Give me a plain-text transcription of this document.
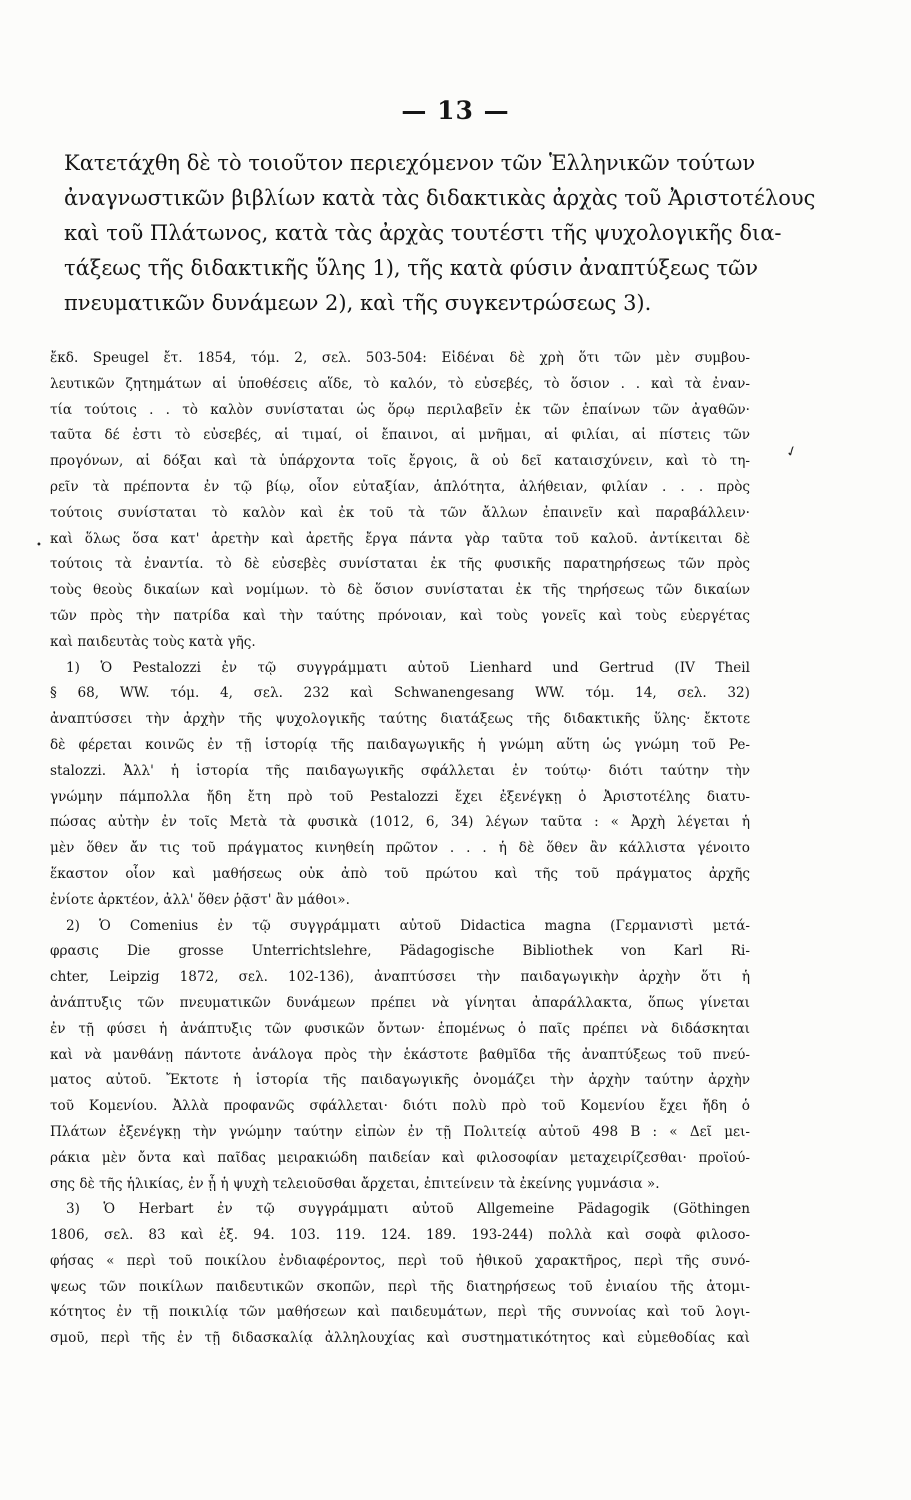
— 13 —
Κατετάχθη δὲ τὸ τοιοῦτον περιεχόμενον τῶν Ἑλληνικῶν τούτων
ἀναγνωστικῶν βιβλίων κατὰ τὰς διδακτικὰς ἀρχὰς τοῦ Ἀριστοτέλους
καὶ τοῦ Πλάτωνος, κατὰ τὰς ἀρχὰς τουτέστι τῆς ψυχολογικῆς δια-
τάξεως τῆς διδακτικῆς ὕλης 1), τῆς κατὰ φύσιν ἀναπτύξεως τῶν
πνευματικῶν δυνάμεων 2), καὶ τῆς συγκεντρώσεως 3).
ἔκδ. Speugel ἔτ. 1854, τόμ. 2, σελ. 503-504: Εἰδέναι δὲ χρὴ ὅτι τῶν μὲν συμβου-
λευτικῶν ζητημάτων αἱ ὑποθέσεις αἵδε, τὸ καλόν, τὸ εὐσεβές, τὸ ὅσιον . . καὶ τὰ ἐναν-
τία τούτοις . . τὸ καλὸν συνίσταται ὡς ὅρῳ περιλαβεῖν ἐκ τῶν ἐπαίνων τῶν ἀγαθῶν·
ταῦτα δέ ἐστι τὸ εὐσεβές, αἱ τιμαί, οἱ ἔπαινοι, αἱ μνῆμαι, αἱ φιλίαι, αἱ πίστεις τῶν
προγόνων, αἱ δόξαι καὶ τὰ ὑπάρχοντα τοῖς ἔργοις, ἃ οὐ δεῖ καταισχύνειν, καὶ τὸ τη-
ρεῖν τὰ πρέποντα ἐν τῷ βίῳ, οἷον εὐταξίαν, ἁπλότητα, ἀλήθειαν, φιλίαν . . . πρὸς
τούτοις συνίσταται τὸ καλὸν καὶ ἐκ τοῦ τὰ τῶν ἄλλων ἐπαινεῖν καὶ παραβάλλειν·
καὶ ὅλως ὅσα κατ' ἀρετὴν καὶ ἀρετῆς ἔργα πάντα γὰρ ταῦτα τοῦ καλοῦ. ἀντίκειται δὲ
τούτοις τὰ ἐναντία. τὸ δὲ εὐσεβὲς συνίσταται ἐκ τῆς φυσικῆς παρατηρήσεως τῶν πρὸς
τοὺς θεοὺς δικαίων καὶ νομίμων. τὸ δὲ ὅσιον συνίσταται ἐκ τῆς τηρήσεως τῶν δικαίων
τῶν πρὸς τὴν πατρίδα καὶ τὴν ταύτης πρόνοιαν, καὶ τοὺς γονεῖς καὶ τοὺς εὐεργέτας
καὶ παιδευτὰς τοὺς κατὰ γῆς.
1) Ὁ Pestalozzi ἐν τῷ συγγράμματι αὐτοῦ Lienhard und Gertrud (IV Theil
§ 68, WW. τόμ. 4, σελ. 232 καὶ Schwanengesang WW. τόμ. 14, σελ. 32)
ἀναπτύσσει τὴν ἀρχὴν τῆς ψυχολογικῆς ταύτης διατάξεως τῆς διδακτικῆς ὕλης· ἔκτοτε
δὲ φέρεται κοινῶς ἐν τῇ ἱστορίᾳ τῆς παιδαγωγικῆς ἡ γνώμη αὕτη ὡς γνώμη τοῦ Pe-
stalozzi. Ἀλλ' ἡ ἱστορία τῆς παιδαγωγικῆς σφάλλεται ἐν τούτῳ· διότι ταύτην τὴν
γνώμην πάμπολλα ἤδη ἔτη πρὸ τοῦ Pestalozzi ἔχει ἐξενέγκῃ ὁ Ἀριστοτέλης διατυ-
πώσας αὐτὴν ἐν τοῖς Μετὰ τὰ φυσικὰ (1012, 6, 34) λέγων ταῦτα : « Ἀρχὴ λέγεται ἡ
μὲν ὅθεν ἄν τις τοῦ πράγματος κινηθείη πρῶτον . . . ἡ δὲ ὅθεν ἂν κάλλιστα γένοιτο
ἕκαστον οἷον καὶ μαθήσεως οὐκ ἀπὸ τοῦ πρώτου καὶ τῆς τοῦ πράγματος ἀρχῆς
ἐνίοτε ἀρκτέον, ἀλλ' ὅθεν ῥᾷστ' ἂν μάθοι».
2) Ὁ Comenius ἐν τῷ συγγράμματι αὐτοῦ Didactica magna (Γερμανιστὶ μετά-
φρασις Die grosse Unterrichtslehre, Pädagogische Bibliothek von Karl Ri-
chter, Leipzig 1872, σελ. 102-136), ἀναπτύσσει τὴν παιδαγωγικὴν ἀρχὴν ὅτι ἡ
ἀνάπτυξις τῶν πνευματικῶν δυνάμεων πρέπει νὰ γίνηται ἀπαράλλακτα, ὅπως γίνεται
ἐν τῇ φύσει ἡ ἀνάπτυξις τῶν φυσικῶν ὄντων· ἑπομένως ὁ παῖς πρέπει νὰ διδάσκηται
καὶ νὰ μανθάνῃ πάντοτε ἀνάλογα πρὸς τὴν ἑκάστοτε βαθμῖδα τῆς ἀναπτύξεως τοῦ πνεύ-
ματος αὐτοῦ. Ἔκτοτε ἡ ἱστορία τῆς παιδαγωγικῆς ὀνομάζει τὴν ἀρχὴν ταύτην ἀρχὴν
τοῦ Κομενίου. Ἀλλὰ προφανῶς σφάλλεται· διότι πολὺ πρὸ τοῦ Κομενίου ἔχει ἤδη ὁ
Πλάτων ἐξενέγκῃ τὴν γνώμην ταύτην εἰπὼν ἐν τῇ Πολιτείᾳ αὐτοῦ 498 Β : « Δεῖ μει-
ράκια μὲν ὄντα καὶ παῖδας μειρακιώδη παιδείαν καὶ φιλοσοφίαν μεταχειρίζεσθαι· προϊού-
σης δὲ τῆς ἡλικίας, ἐν ᾗ ἡ ψυχὴ τελειοῦσθαι ἄρχεται, ἐπιτείνειν τὰ ἐκείνης γυμνάσια ».
3) Ὁ Herbart ἐν τῷ συγγράμματι αὐτοῦ Allgemeine Pädagogik (Göthingen
1806, σελ. 83 καὶ ἑξ. 94. 103. 119. 124. 189. 193-244) πολλὰ καὶ σοφὰ φιλοσο-
φήσας « περὶ τοῦ ποικίλου ἐνδιαφέροντος, περὶ τοῦ ἠθικοῦ χαρακτῆρος, περὶ τῆς συνό-
ψεως τῶν ποικίλων παιδευτικῶν σκοπῶν, περὶ τῆς διατηρήσεως τοῦ ἐνιαίου τῆς ἀτομι-
κότητος ἐν τῇ ποικιλίᾳ τῶν μαθήσεων καὶ παιδευμάτων, περὶ τῆς συννοίας καὶ τοῦ λογι-
σμοῦ, περὶ τῆς ἐν τῇ διδασκαλίᾳ ἀλληλουχίας καὶ συστηματικότητος καὶ εὐμεθοδίας καὶ
✓
•
